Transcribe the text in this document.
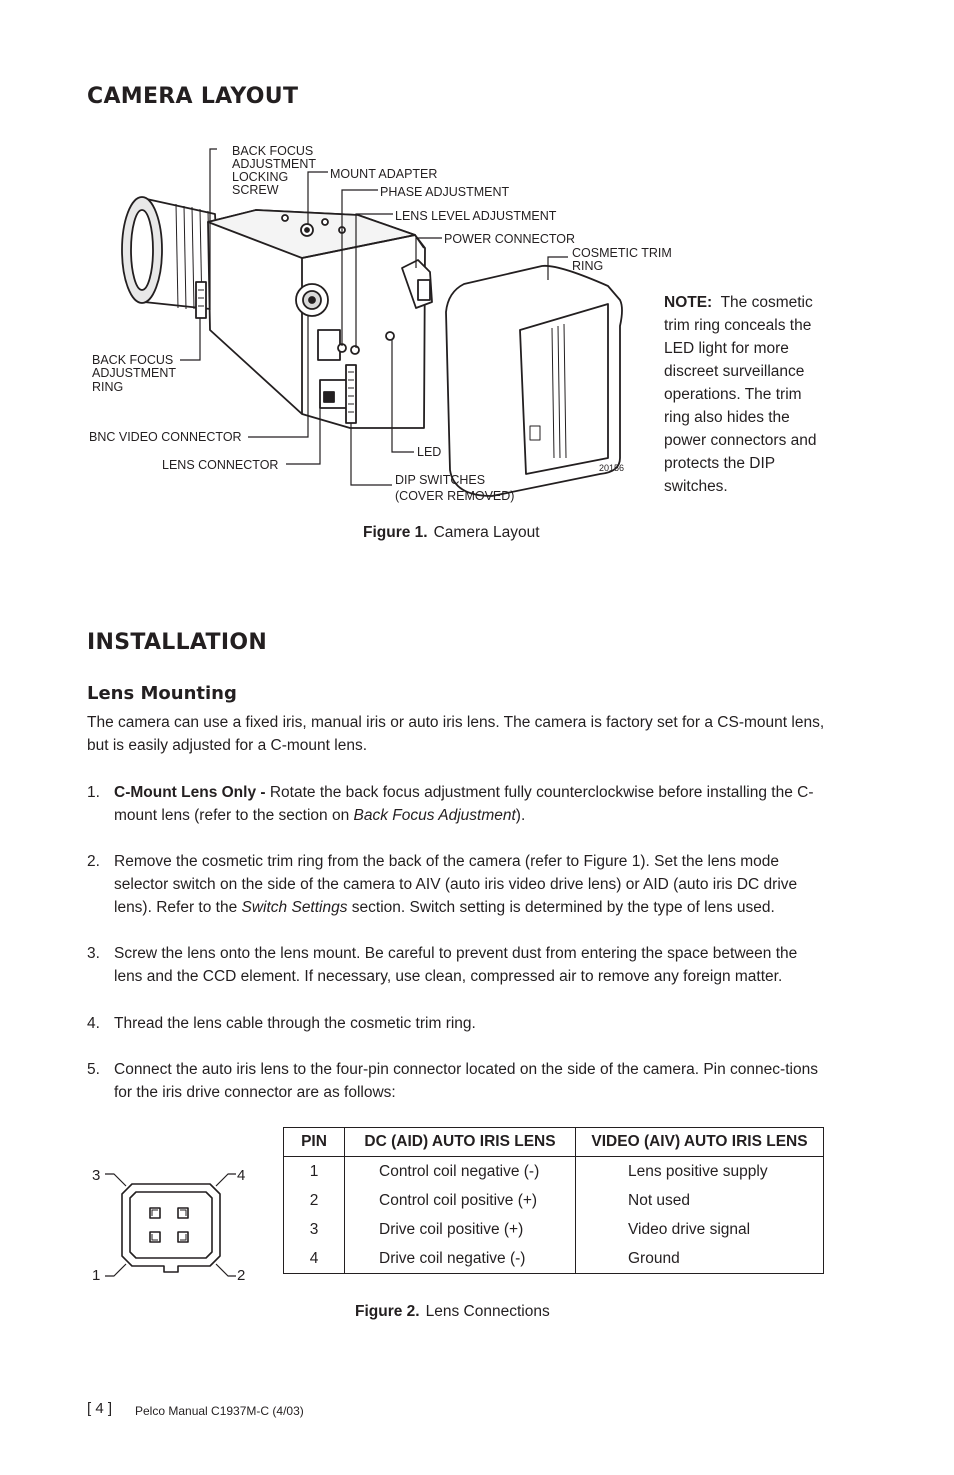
CAMERA LAYOUT
BACK FOCUS
ADJUSTMENT
LOCKING
SCREW
MOUNT ADAPTER
PHASE ADJUSTMENT
LENS LEVEL ADJUSTMENT
POWER CONNECTOR
COSMETIC TRIM
RING
BACK FOCUS
ADJUSTMENT
RING
BNC VIDEO CONNECTOR
LENS CONNECTOR
LED
DIP SWITCHES
(COVER REMOVED)
20156
NOTE: The cosmetic trim ring conceals the LED light for more discreet surveillance operations. The trim ring also hides the power connectors and protects the DIP switches.
Figure 1. Camera Layout
INSTALLATION
Lens Mounting

The camera can use a fixed iris, manual iris or auto iris lens. The camera is factory set for a CS-mount lens, but is easily adjusted for a C-mount lens.

1. C-Mount Lens Only - Rotate the back focus adjustment fully counterclockwise before installing the C-mount lens (refer to the section on Back Focus Adjustment).
2. Remove the cosmetic trim ring from the back of the camera (refer to Figure 1). Set the lens mode selector switch on the side of the camera to AIV (auto iris video drive lens) or AID (auto iris DC drive lens). Refer to the Switch Settings section. Switch setting is determined by the type of lens used.
3. Screw the lens onto the lens mount. Be careful to prevent dust from entering the space between the lens and the CCD element. If necessary, use clean, compressed air to remove any foreign matter.
4. Thread the lens cable through the cosmetic trim ring.
5. Connect the auto iris lens to the four-pin connector located on the side of the camera. Pin connec-tions for the iris drive connector are as follows:
3	4
1	2
PIN	DC (AID) AUTO IRIS LENS	VIDEO (AIV) AUTO IRIS LENS
1	Control coil negative (-)	Lens positive supply
2	Control coil positive (+)	Not used
3	Drive coil positive (+)	Video drive signal
4	Drive coil negative (-)	Ground
Figure 2. Lens Connections
[ 4 ] Pelco Manual C1937M-C (4/03)
